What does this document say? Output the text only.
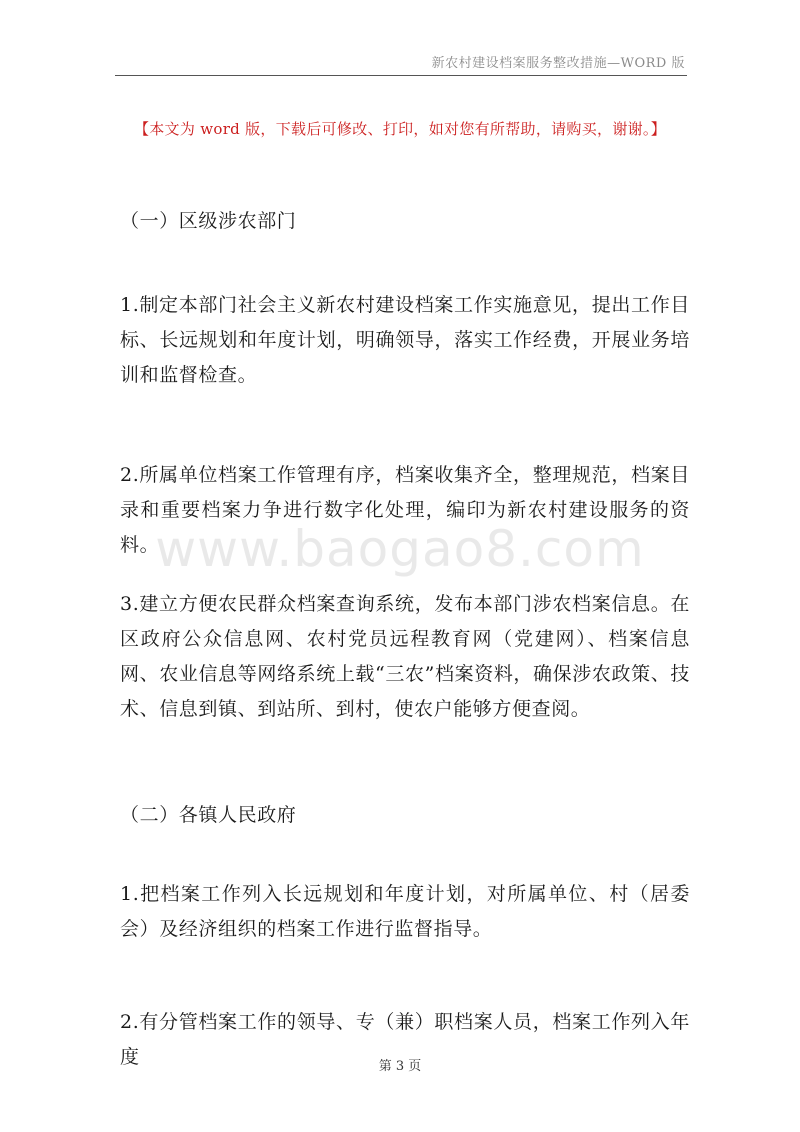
新农村建设档案服务整改措施—WORD 版
【本文为 word 版，下载后可修改、打印，如对您有所帮助，请购买，谢谢。】
www.baogao8.com

（一）区级涉农部门

1.制定本部门社会主义新农村建设档案工作实施意见，提出工作目标、长远规划和年度计划，明确领导，落实工作经费，开展业务培训和监督检查。

2.所属单位档案工作管理有序，档案收集齐全，整理规范，档案目录和重要档案力争进行数字化处理，编印为新农村建设服务的资料。

3.建立方便农民群众档案查询系统，发布本部门涉农档案信息。在区政府公众信息网、农村党员远程教育网（党建网）、档案信息网、农业信息等网络系统上载“三农”档案资料，确保涉农政策、技术、信息到镇、到站所、到村，使农户能够方便查阅。

（二）各镇人民政府

1.把档案工作列入长远规划和年度计划，对所属单位、村（居委会）及经济组织的档案工作进行监督指导。

2.有分管档案工作的领导、专（兼）职档案人员，档案工作列入年度	第 3 页
